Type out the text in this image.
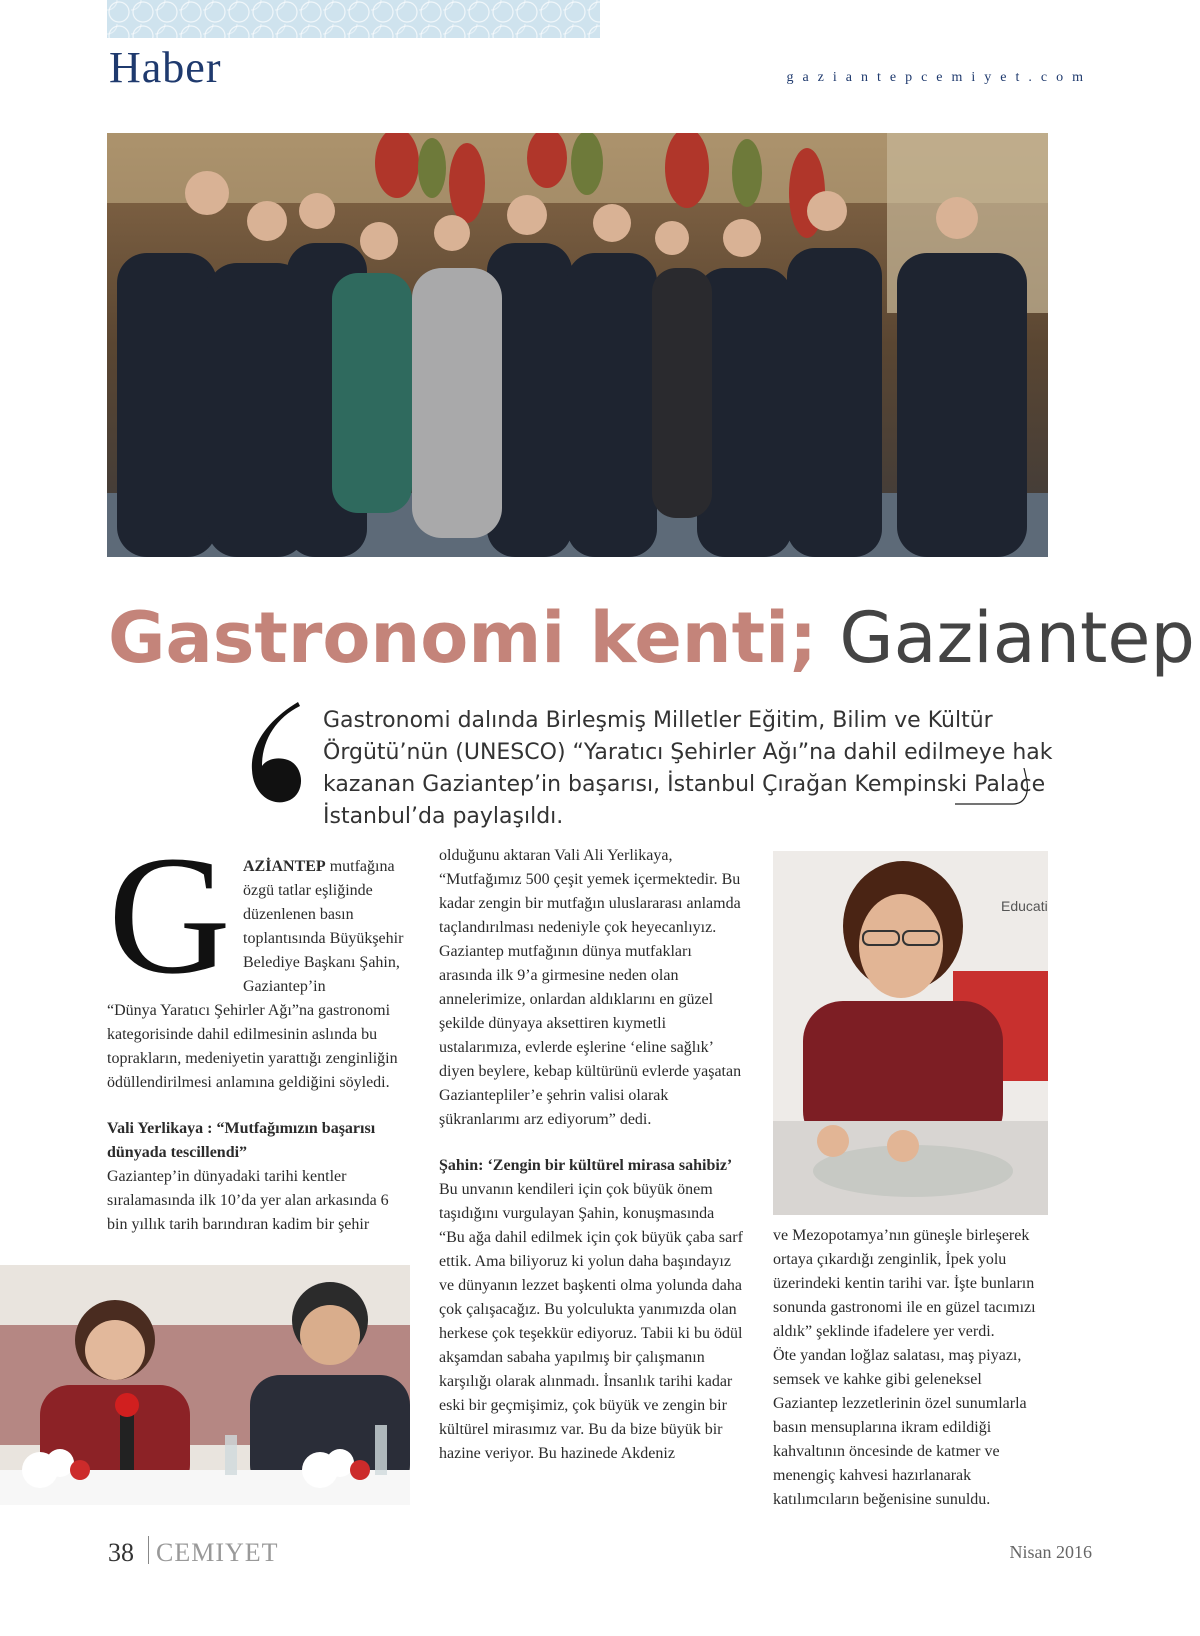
Haber	gaziantepcemiyet.com
Gastronomi kenti; Gaziantep
Gastronomi dalında Birleşmiş Milletler Eğitim, Bilim ve Kültür Örgütü’nün (UNESCO) “Yaratıcı Şehirler Ağı”na dahil edilmeye hak kazanan Gaziantep’in başarısı, İstanbul Çırağan Kempinski Palace İstanbul’da paylaşıldı.
G AZİANTEP mutfağına özgü tatlar eşliğinde düzenlenen basın toplantısında Büyükşehir Belediye Başkanı Şahin, Gaziantep’in

“Dünya Yaratıcı Şehirler Ağı”na gastronomi kategorisinde dahil edilmesinin aslında bu toprakların, medeniyetin yarattığı zenginliğin ödüllendirilmesi anlamına geldiğini söyledi.

Vali Yerlikaya : “Mutfağımızın başarısı dünyada tescillendi”

Gaziantep’in dünyadaki tarihi kentler sıralamasında ilk 10’da yer alan arkasında 6 bin yıllık tarih barındıran kadim bir şehir

olduğunu aktaran Vali Ali Yerlikaya, “Mutfağımız 500 çeşit yemek içermektedir. Bu kadar zengin bir mutfağın uluslararası anlamda taçlandırılması nedeniyle çok heyecanlıyız. Gaziantep mutfağının dünya mutfakları arasında ilk 9’a girmesine neden olan annelerimize, onlardan aldıklarını en güzel şekilde dünyaya aksettiren kıymetli ustalarımıza, evlerde eşlerine ‘eline sağlık’ diyen beylere, kebap kültürünü evlerde yaşatan Gaziantepliler’e şehrin valisi olarak şükranlarımı arz ediyorum” dedi.

Şahin: ‘Zengin bir kültürel mirasa sahibiz’

Bu unvanın kendileri için çok büyük önem taşıdığını vurgulayan Şahin, konuşmasında “Bu ağa dahil edilmek için çok büyük çaba sarf ettik. Ama biliyoruz ki yolun daha başındayız ve dünyanın lezzet başkenti olma yolunda daha çok çalışacağız. Bu yolculukta yanımızda olan herkese çok teşekkür ediyoruz. Tabii ki bu ödül akşamdan sabaha yapılmış bir çalışmanın karşılığı olarak alınmadı. İnsanlık tarihi kadar eski bir geçmişimiz, çok büyük ve zengin bir kültürel mirasımız var. Bu da bize büyük bir hazine veriyor. Bu hazinede Akdeniz

Educati

ve Mezopotamya’nın güneşle birleşerek ortaya çıkardığı zenginlik, İpek yolu üzerindeki kentin tarihi var. İşte bunların sonunda gastronomi ile en güzel tacımızı aldık” şeklinde ifadelere yer verdi.

Öte yandan loğlaz salatası, maş piyazı, semsek ve kahke gibi geleneksel Gaziantep lezzetlerinin özel sunumlarla basın mensuplarına ikram edildiği kahvaltının öncesinde de katmer ve menengiç kahvesi hazırlanarak katılımcıların beğenisine sunuldu.

38 CEMIYET	Nisan 2016
